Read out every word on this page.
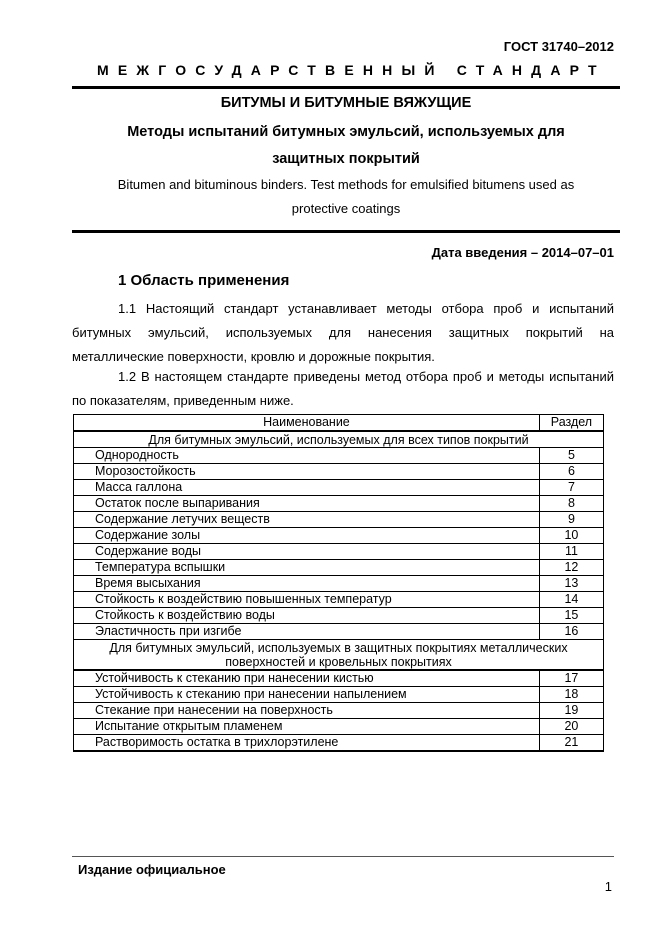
ГОСТ 31740–2012
МЕЖГОСУДАРСТВЕННЫЙ СТАНДАРТ
БИТУМЫ И БИТУМНЫЕ ВЯЖУЩИЕ
Методы испытаний битумных эмульсий, используемых для защитных покрытий
Bitumen and bituminous binders. Test methods for emulsified bitumens used as protective coatings
Дата введения – 2014–07–01
1 Область применения
1.1 Настоящий стандарт устанавливает методы отбора проб и испытаний битумных эмульсий, используемых для нанесения защитных покрытий на металлические поверхности, кровлю и дорожные покрытия.
1.2 В настоящем стандарте приведены метод отбора проб и методы испытаний по показателям, приведенным ниже.
Наименование	Раздел
Для битумных эмульсий, используемых для всех типов покрытий	
Однородность	5
Морозостойкость	6
Масса галлона	7
Остаток после выпаривания	8
Содержание летучих веществ	9
Содержание золы	10
Содержание воды	11
Температура вспышки	12
Время высыхания	13
Стойкость к воздействию повышенных температур	14
Стойкость к воздействию воды	15
Эластичность при изгибе	16
Для битумных эмульсий, используемых в защитных покрытиях металлических поверхностей и кровельных покрытиях	
Устойчивость к стеканию при нанесении кистью	17
Устойчивость к стеканию при нанесении напылением	18
Стекание при нанесении на поверхность	19
Испытание открытым пламенем	20
Растворимость остатка в трихлорэтилене	21
Издание официальное
1
